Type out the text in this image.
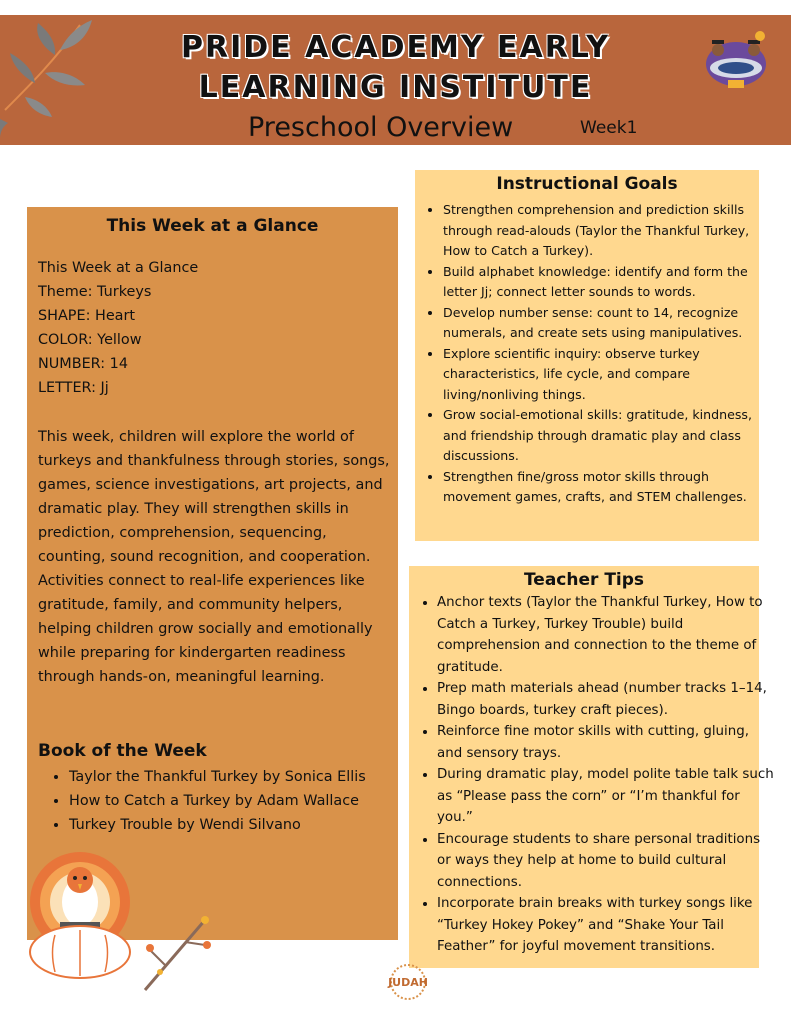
PRIDE ACADEMY EARLY
LEARNING INSTITUTE
Preschool Overview	Week1
This Week at a Glance
This Week at a Glance
Theme: Turkeys
SHAPE: Heart
COLOR: Yellow
NUMBER: 14
LETTER: Jj
This week, children will explore the world of turkeys and thankfulness through stories, songs, games, science investigations, art projects, and dramatic play. They will strengthen skills in prediction, comprehension, sequencing, counting, sound recognition, and cooperation. Activities connect to real-life experiences like gratitude, family, and community helpers, helping children grow socially and emotionally while preparing for kindergarten readiness through hands-on, meaningful learning.
Book of the Week
• Taylor the Thankful Turkey by Sonica Ellis
• How to Catch a Turkey by Adam Wallace
• Turkey Trouble by Wendi Silvano
Instructional Goals
• Strengthen comprehension and prediction skills through read-alouds (Taylor the Thankful Turkey, How to Catch a Turkey).
• Build alphabet knowledge: identify and form the letter Jj; connect letter sounds to words.
• Develop number sense: count to 14, recognize numerals, and create sets using manipulatives.
• Explore scientific inquiry: observe turkey characteristics, life cycle, and compare living/nonliving things.
• Grow social-emotional skills: gratitude, kindness, and friendship through dramatic play and class discussions.
• Strengthen fine/gross motor skills through movement games, crafts, and STEM challenges.
Teacher Tips
• Anchor texts (Taylor the Thankful Turkey, How to Catch a Turkey, Turkey Trouble) build comprehension and connection to the theme of gratitude.
• Prep math materials ahead (number tracks 1–14, Bingo boards, turkey craft pieces).
• Reinforce fine motor skills with cutting, gluing, and sensory trays.
• During dramatic play, model polite table talk such as “Please pass the corn” or “I’m thankful for you.”
• Encourage students to share personal traditions or ways they help at home to build cultural connections.
• Incorporate brain breaks with turkey songs like “Turkey Hokey Pokey” and “Shake Your Tail Feather” for joyful movement transitions.
JUDAH
